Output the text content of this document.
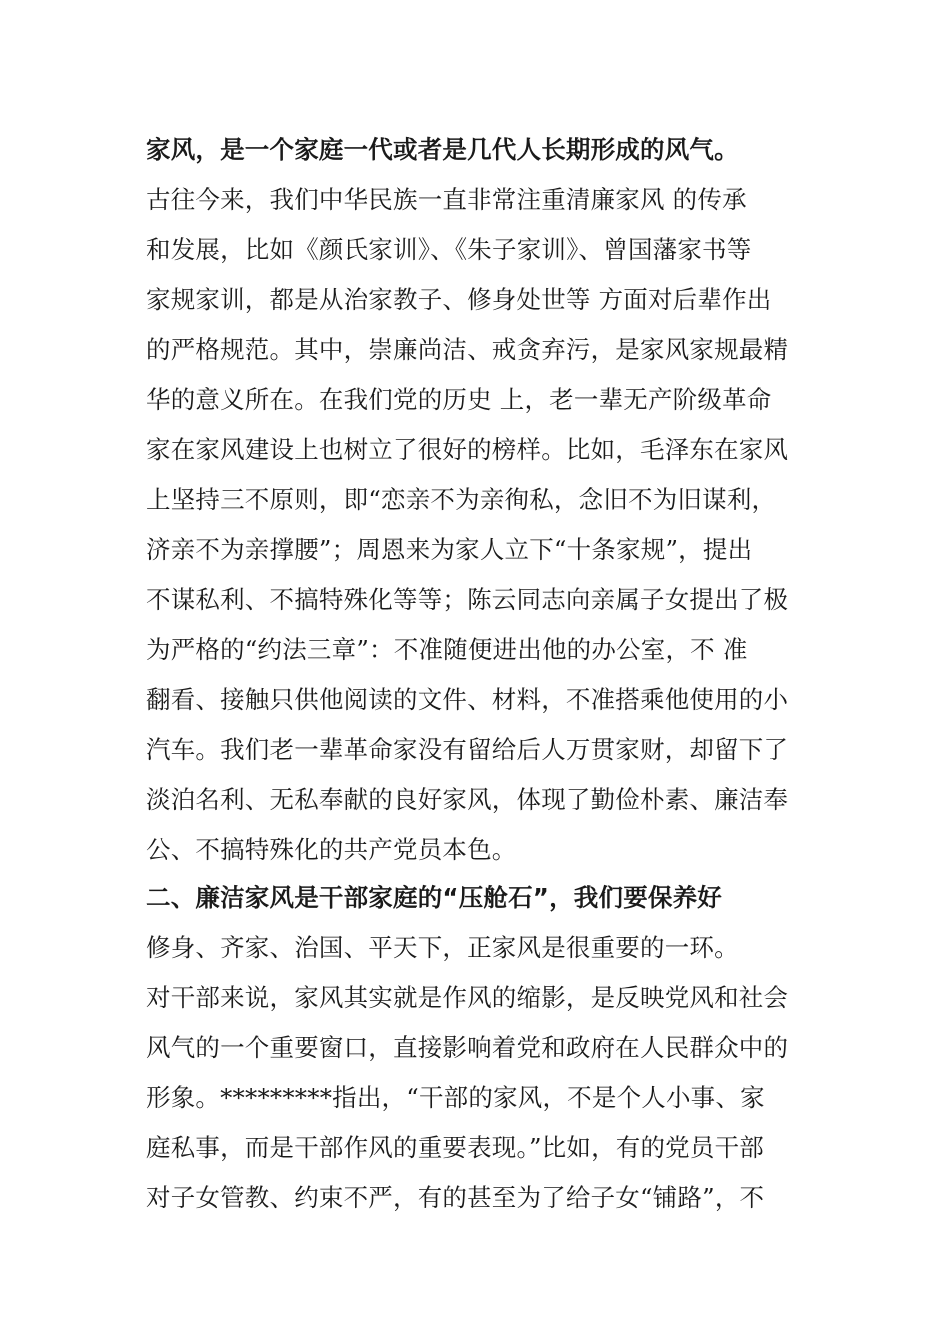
家风，是一个家庭一代或者是几代人长期形成的风气。
古往今来，我们中华民族一直非常注重清廉家风 的传承
和发展，比如《颜氏家训》、《朱子家训》、曾国藩家书等
家规家训，都是从治家教子、修身处世等 方面对后辈作出
的严格规范。其中，崇廉尚洁、戒贪弃污，是家风家规最精
华的意义所在。在我们党的历史 上，老一辈无产阶级革命
家在家风建设上也树立了很好的榜样。比如，毛泽东在家风
上坚持三不原则，即“恋亲不为亲徇私，念旧不为旧谋利，
济亲不为亲撑腰”；周恩来为家人立下“十条家规”，提出
不谋私利、不搞特殊化等等；陈云同志向亲属子女提出了极
为严格的“约法三章”：不准随便进出他的办公室，不 准
翻看、接触只供他阅读的文件、材料，不准搭乘他使用的小
汽车。我们老一辈革命家没有留给后人万贯家财，却留下了
淡泊名利、无私奉献的良好家风，体现了勤俭朴素、廉洁奉
公、不搞特殊化的共产党员本色。
二、廉洁家风是干部家庭的“压舱石”，我们要保养好
修身、齐家、治国、平天下，正家风是很重要的一环。
对干部来说，家风其实就是作风的缩影，是反映党风和社会
风气的一个重要窗口，直接影响着党和政府在人民群众中的
形象。*********指出，“干部的家风，不是个人小事、家
庭私事，而是干部作风的重要表现。”比如，有的党员干部
对子女管教、约束不严，有的甚至为了给子女“铺路”，不
